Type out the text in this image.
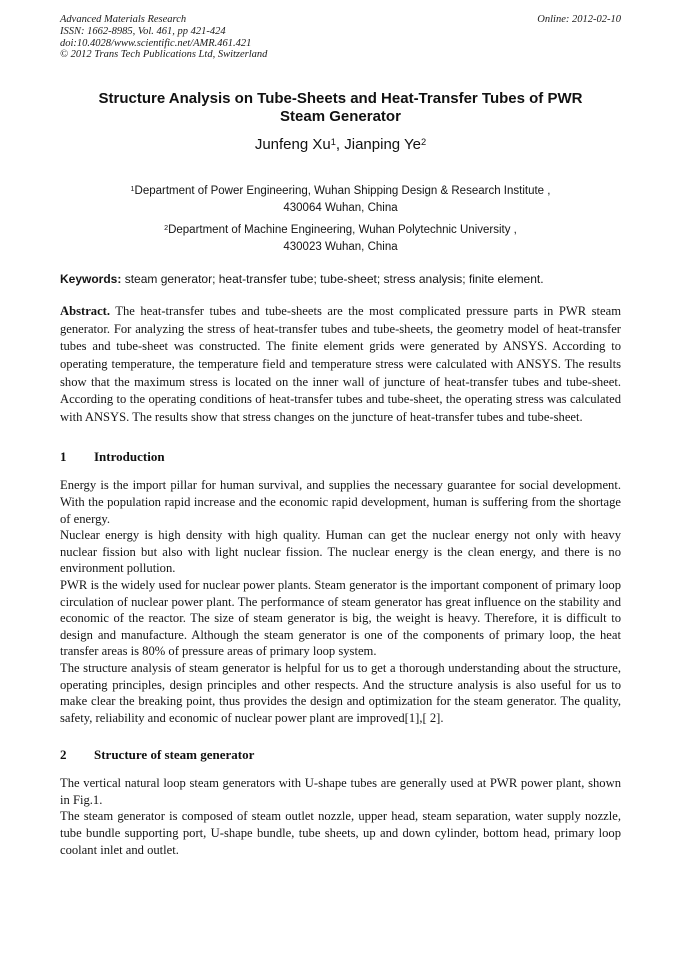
Advanced Materials Research
ISSN: 1662-8985, Vol. 461, pp 421-424
doi:10.4028/www.scientific.net/AMR.461.421
© 2012 Trans Tech Publications Ltd, Switzerland
Online: 2012-02-10
Structure Analysis on Tube-Sheets and Heat-Transfer Tubes of PWR
Steam Generator
Junfeng Xu$^1$, Jianping Ye$^2$
$^1$Department of Power Engineering, Wuhan Shipping Design & Research Institute ,
430064 Wuhan, China
$^2$Department of Machine Engineering, Wuhan Polytechnic University ,
430023 Wuhan, China
Keywords: steam generator; heat-transfer tube; tube-sheet; stress analysis; finite element.
Abstract. The heat-transfer tubes and tube-sheets are the most complicated pressure parts in PWR steam generator. For analyzing the stress of heat-transfer tubes and tube-sheets, the geometry model of heat-transfer tubes and tube-sheet was constructed. The finite element grids were generated by ANSYS. According to operating temperature, the temperature field and temperature stress were calculated with ANSYS. The results show that the maximum stress is located on the inner wall of juncture of heat-transfer tubes and tube-sheet. According to the operating conditions of heat-transfer tubes and tube-sheet, the operating stress was calculated with ANSYS. The results show that stress changes on the juncture of heat-transfer tubes and tube-sheet.
1 Introduction

Energy is the import pillar for human survival, and supplies the necessary guarantee for social development. With the population rapid increase and the economic rapid development, human is suffering from the shortage of energy.

Nuclear energy is high density with high quality. Human can get the nuclear energy not only with heavy nuclear fission but also with light nuclear fission. The nuclear energy is the clean energy, and there is no environment pollution.

PWR is the widely used for nuclear power plants. Steam generator is the important component of primary loop circulation of nuclear power plant. The performance of steam generator has great influence on the stability and economic of the reactor. The size of steam generator is big, the weight is heavy. Therefore, it is difficult to design and manufacture. Although the steam generator is one of the components of primary loop, the heat transfer areas is 80% of pressure areas of primary loop system.

The structure analysis of steam generator is helpful for us to get a thorough understanding about the structure, operating principles, design principles and other respects. And the structure analysis is also useful for us to make clear the breaking point, thus provides the design and optimization for the steam generator. The quality, safety, reliability and economic of nuclear power plant are improved[1],[ 2].

2 Structure of steam generator

The vertical natural loop steam generators with U-shape tubes are generally used at PWR power plant, shown in Fig.1.

The steam generator is composed of steam outlet nozzle, upper head, steam separation, water supply nozzle, tube bundle supporting port, U-shape bundle, tube sheets, up and down cylinder, bottom head, primary loop coolant inlet and outlet.
